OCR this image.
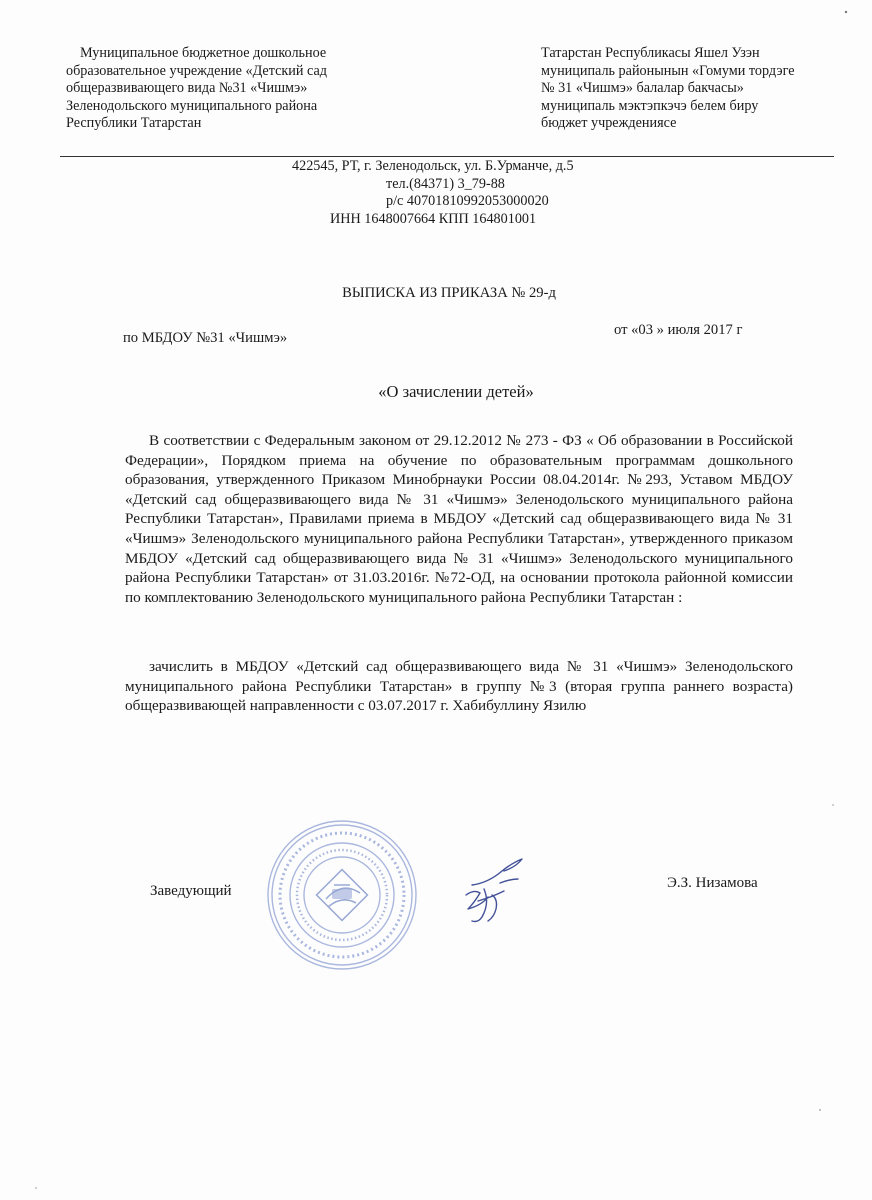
Муниципальное бюджетное дошкольное
образовательное учреждение «Детский сад
общеразвивающего вида №31 «Чишмэ»
Зеленодольского муниципального района
Республики Татарстан
Татарстан Республикасы Яшел Узэн
муниципаль районынын «Гомуми тордэге
№ 31 «Чишмэ» балалар бакчасы»
муниципаль мэктэпкэчэ белем биру
бюджет учреждениясе
422545, РТ, г. Зеленодольск, ул. Б.Урманче, д.5
тел.(84371) 3_79-88
р/с 40701810992053000020
ИНН 1648007664 КПП 164801001
ВЫПИСКА ИЗ ПРИКАЗА № 29-д
по МБДОУ №31 «Чишмэ»	от «03 » июля 2017 г
«О зачислении детей»
В соответствии с Федеральным законом от 29.12.2012 № 273 - ФЗ « Об образовании в Российской Федерации», Порядком приема на обучение по образовательным программам дошкольного образования, утвержденного Приказом Минобрнауки России 08.04.2014г. №293, Уставом МБДОУ «Детский сад общеразвивающего вида № 31 «Чишмэ» Зеленодольского муниципального района Республики Татарстан», Правилами приема в МБДОУ «Детский сад общеразвивающего вида № 31 «Чишмэ» Зеленодольского муниципального района Республики Татарстан», утвержденного приказом МБДОУ «Детский сад общеразвивающего вида № 31 «Чишмэ» Зеленодольского муниципального района Республики Татарстан» от 31.03.2016г. №72-ОД, на основании протокола районной комиссии по комплектованию Зеленодольского муниципального района Республики Татарстан :
зачислить в МБДОУ «Детский сад общеразвивающего вида № 31 «Чишмэ» Зеленодольского муниципального района Республики Татарстан» в группу №3 (вторая группа раннего возраста) общеразвивающей направленности с 03.07.2017 г. Хабибуллину Язилю
Заведующий	Э.З. Низамова
